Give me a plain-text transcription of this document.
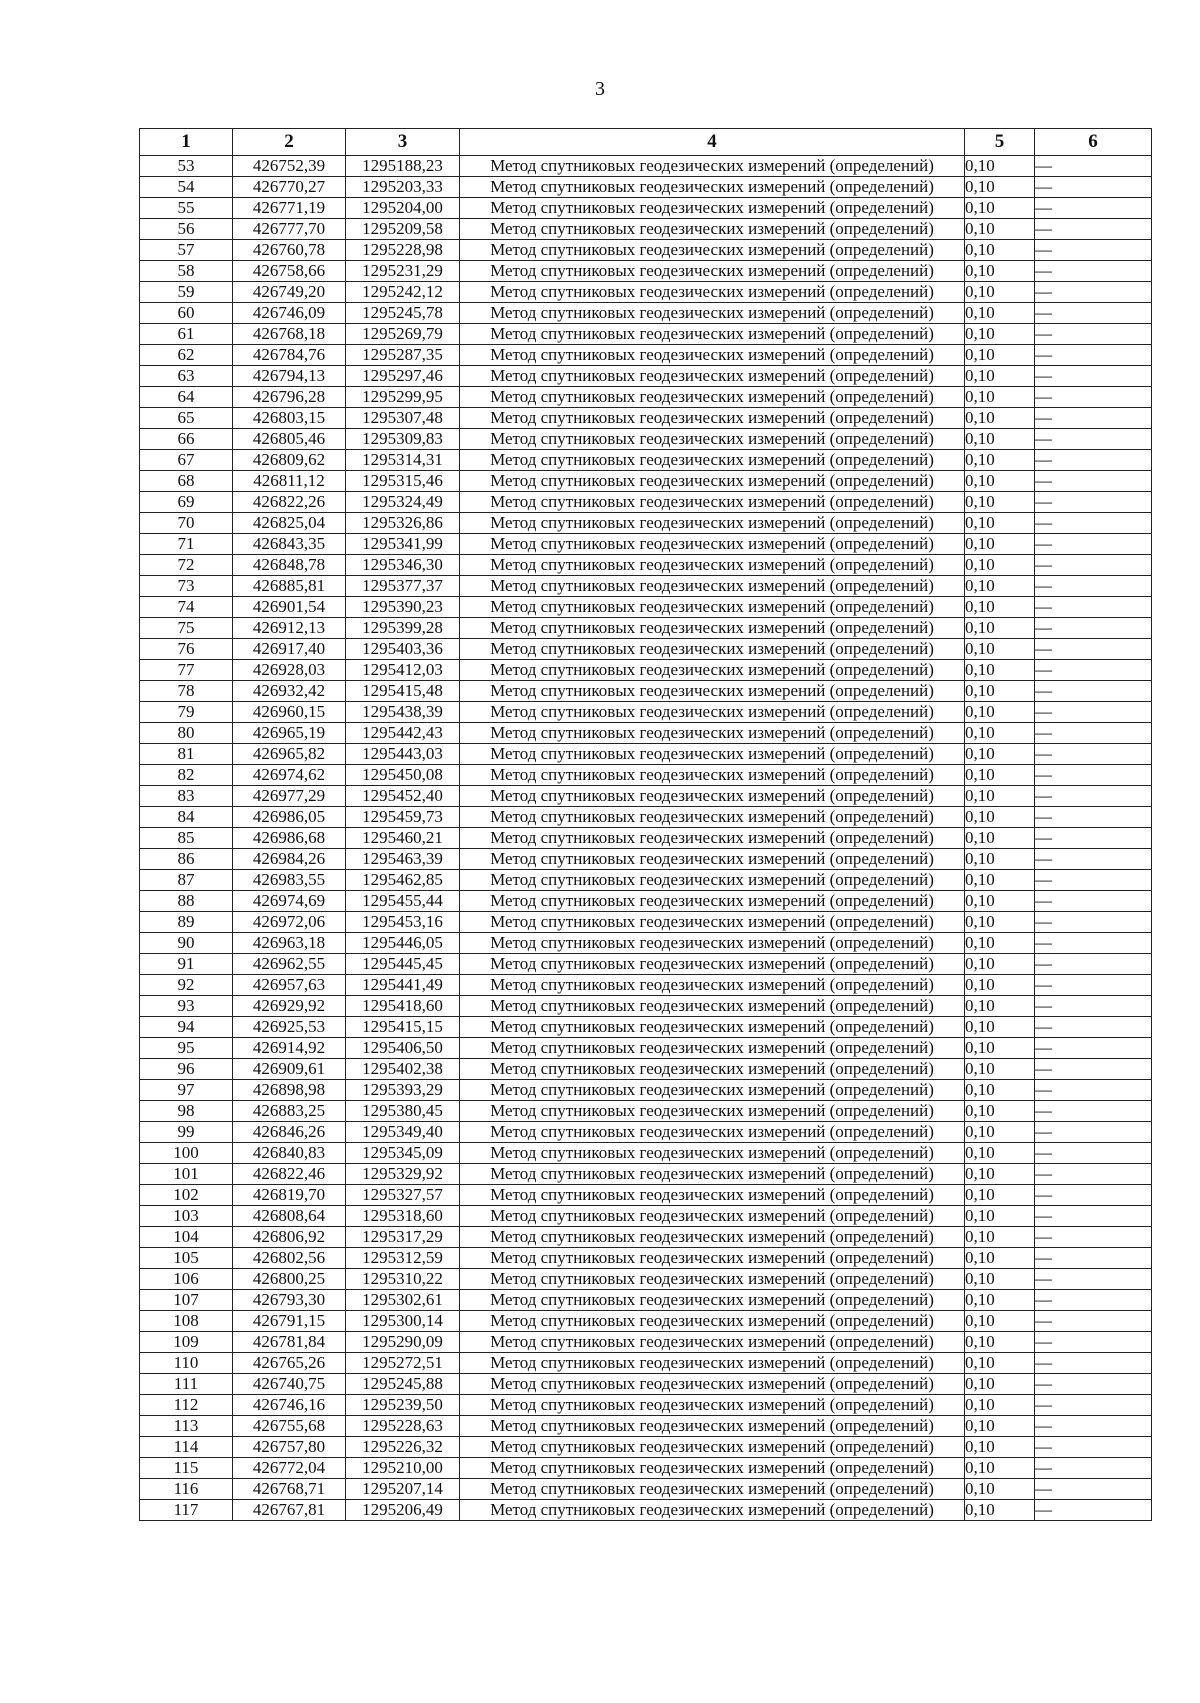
3
1	2	3	4	5	6
53	426752,39	1295188,23	Метод спутниковых геодезических измерений (определений)	0,10	—
54	426770,27	1295203,33	Метод спутниковых геодезических измерений (определений)	0,10	—
55	426771,19	1295204,00	Метод спутниковых геодезических измерений (определений)	0,10	—
56	426777,70	1295209,58	Метод спутниковых геодезических измерений (определений)	0,10	—
57	426760,78	1295228,98	Метод спутниковых геодезических измерений (определений)	0,10	—
58	426758,66	1295231,29	Метод спутниковых геодезических измерений (определений)	0,10	—
59	426749,20	1295242,12	Метод спутниковых геодезических измерений (определений)	0,10	—
60	426746,09	1295245,78	Метод спутниковых геодезических измерений (определений)	0,10	—
61	426768,18	1295269,79	Метод спутниковых геодезических измерений (определений)	0,10	—
62	426784,76	1295287,35	Метод спутниковых геодезических измерений (определений)	0,10	—
63	426794,13	1295297,46	Метод спутниковых геодезических измерений (определений)	0,10	—
64	426796,28	1295299,95	Метод спутниковых геодезических измерений (определений)	0,10	—
65	426803,15	1295307,48	Метод спутниковых геодезических измерений (определений)	0,10	—
66	426805,46	1295309,83	Метод спутниковых геодезических измерений (определений)	0,10	—
67	426809,62	1295314,31	Метод спутниковых геодезических измерений (определений)	0,10	—
68	426811,12	1295315,46	Метод спутниковых геодезических измерений (определений)	0,10	—
69	426822,26	1295324,49	Метод спутниковых геодезических измерений (определений)	0,10	—
70	426825,04	1295326,86	Метод спутниковых геодезических измерений (определений)	0,10	—
71	426843,35	1295341,99	Метод спутниковых геодезических измерений (определений)	0,10	—
72	426848,78	1295346,30	Метод спутниковых геодезических измерений (определений)	0,10	—
73	426885,81	1295377,37	Метод спутниковых геодезических измерений (определений)	0,10	—
74	426901,54	1295390,23	Метод спутниковых геодезических измерений (определений)	0,10	—
75	426912,13	1295399,28	Метод спутниковых геодезических измерений (определений)	0,10	—
76	426917,40	1295403,36	Метод спутниковых геодезических измерений (определений)	0,10	—
77	426928,03	1295412,03	Метод спутниковых геодезических измерений (определений)	0,10	—
78	426932,42	1295415,48	Метод спутниковых геодезических измерений (определений)	0,10	—
79	426960,15	1295438,39	Метод спутниковых геодезических измерений (определений)	0,10	—
80	426965,19	1295442,43	Метод спутниковых геодезических измерений (определений)	0,10	—
81	426965,82	1295443,03	Метод спутниковых геодезических измерений (определений)	0,10	—
82	426974,62	1295450,08	Метод спутниковых геодезических измерений (определений)	0,10	—
83	426977,29	1295452,40	Метод спутниковых геодезических измерений (определений)	0,10	—
84	426986,05	1295459,73	Метод спутниковых геодезических измерений (определений)	0,10	—
85	426986,68	1295460,21	Метод спутниковых геодезических измерений (определений)	0,10	—
86	426984,26	1295463,39	Метод спутниковых геодезических измерений (определений)	0,10	—
87	426983,55	1295462,85	Метод спутниковых геодезических измерений (определений)	0,10	—
88	426974,69	1295455,44	Метод спутниковых геодезических измерений (определений)	0,10	—
89	426972,06	1295453,16	Метод спутниковых геодезических измерений (определений)	0,10	—
90	426963,18	1295446,05	Метод спутниковых геодезических измерений (определений)	0,10	—
91	426962,55	1295445,45	Метод спутниковых геодезических измерений (определений)	0,10	—
92	426957,63	1295441,49	Метод спутниковых геодезических измерений (определений)	0,10	—
93	426929,92	1295418,60	Метод спутниковых геодезических измерений (определений)	0,10	—
94	426925,53	1295415,15	Метод спутниковых геодезических измерений (определений)	0,10	—
95	426914,92	1295406,50	Метод спутниковых геодезических измерений (определений)	0,10	—
96	426909,61	1295402,38	Метод спутниковых геодезических измерений (определений)	0,10	—
97	426898,98	1295393,29	Метод спутниковых геодезических измерений (определений)	0,10	—
98	426883,25	1295380,45	Метод спутниковых геодезических измерений (определений)	0,10	—
99	426846,26	1295349,40	Метод спутниковых геодезических измерений (определений)	0,10	—
100	426840,83	1295345,09	Метод спутниковых геодезических измерений (определений)	0,10	—
101	426822,46	1295329,92	Метод спутниковых геодезических измерений (определений)	0,10	—
102	426819,70	1295327,57	Метод спутниковых геодезических измерений (определений)	0,10	—
103	426808,64	1295318,60	Метод спутниковых геодезических измерений (определений)	0,10	—
104	426806,92	1295317,29	Метод спутниковых геодезических измерений (определений)	0,10	—
105	426802,56	1295312,59	Метод спутниковых геодезических измерений (определений)	0,10	—
106	426800,25	1295310,22	Метод спутниковых геодезических измерений (определений)	0,10	—
107	426793,30	1295302,61	Метод спутниковых геодезических измерений (определений)	0,10	—
108	426791,15	1295300,14	Метод спутниковых геодезических измерений (определений)	0,10	—
109	426781,84	1295290,09	Метод спутниковых геодезических измерений (определений)	0,10	—
110	426765,26	1295272,51	Метод спутниковых геодезических измерений (определений)	0,10	—
111	426740,75	1295245,88	Метод спутниковых геодезических измерений (определений)	0,10	—
112	426746,16	1295239,50	Метод спутниковых геодезических измерений (определений)	0,10	—
113	426755,68	1295228,63	Метод спутниковых геодезических измерений (определений)	0,10	—
114	426757,80	1295226,32	Метод спутниковых геодезических измерений (определений)	0,10	—
115	426772,04	1295210,00	Метод спутниковых геодезических измерений (определений)	0,10	—
116	426768,71	1295207,14	Метод спутниковых геодезических измерений (определений)	0,10	—
117	426767,81	1295206,49	Метод спутниковых геодезических измерений (определений)	0,10	—
